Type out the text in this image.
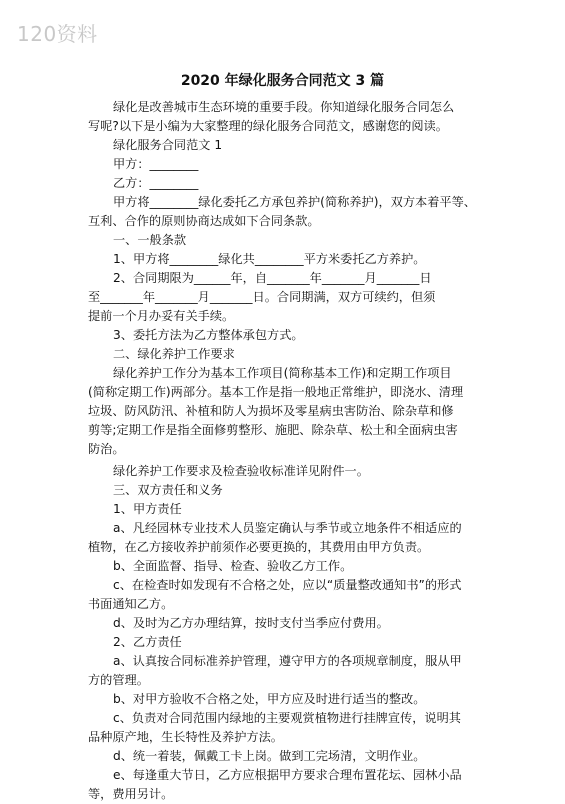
120资料
2020 年绿化服务合同范文 3 篇
绿化是改善城市生态环境的重要手段。你知道绿化服务合同怎么
写呢?以下是小编为大家整理的绿化服务合同范文，感谢您的阅读。
绿化服务合同范文 1
甲方：________
乙方：________
甲方将________绿化委托乙方承包养护(简称养护)，双方本着平等、
互利、合作的原则协商达成如下合同条款。
一、一般条款
1、甲方将________绿化共________平方米委托乙方养护。
2、合同期限为______年，自_______年_______月_______日
至_______年_______月_______日。合同期满，双方可续约，但须
提前一个月办妥有关手续。
3、委托方法为乙方整体承包方式。
二、绿化养护工作要求
绿化养护工作分为基本工作项目(简称基本工作)和定期工作项目
(简称定期工作)两部分。基本工作是指一般地正常维护，即浇水、清理
垃圾、防风防汛、补植和防人为损坏及零星病虫害防治、除杂草和修
剪等;定期工作是指全面修剪整形、施肥、除杂草、松土和全面病虫害
防治。
绿化养护工作要求及检查验收标准详见附件一。
三、双方责任和义务
1、甲方责任
a、凡经园林专业技术人员鉴定确认与季节或立地条件不相适应的
植物，在乙方接收养护前须作必要更换的，其费用由甲方负责。
b、全面监督、指导、检查、验收乙方工作。
c、在检查时如发现有不合格之处，应以“质量整改通知书”的形式
书面通知乙方。
d、及时为乙方办理结算，按时支付当季应付费用。
2、乙方责任
a、认真按合同标准养护管理，遵守甲方的各项规章制度，服从甲
方的管理。
b、对甲方验收不合格之处，甲方应及时进行适当的整改。
c、负责对合同范围内绿地的主要观赏植物进行挂牌宣传，说明其
品种原产地，生长特性及养护方法。
d、统一着装，佩戴工卡上岗。做到工完场清，文明作业。
e、每逢重大节日，乙方应根据甲方要求合理布置花坛、园林小品
等，费用另计。
